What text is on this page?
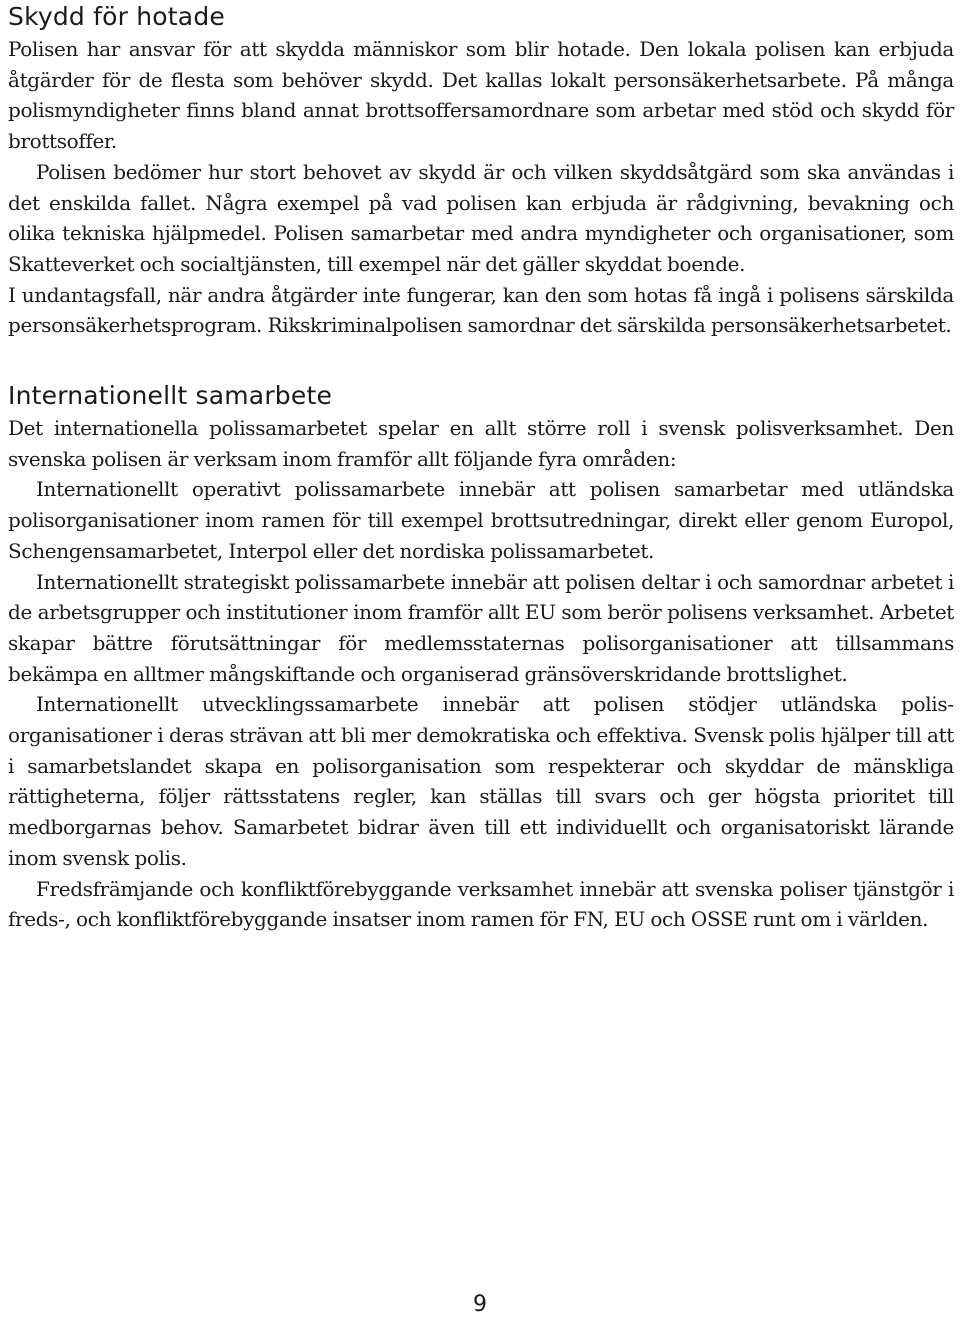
Skydd för hotade

Polisen har ansvar för att skydda människor som blir hotade. Den lokala polisen kan erbjuda åtgärder för de flesta som behöver skydd. Det kallas lokalt personsäkerhetsarbete. På många polismyndigheter finns bland annat brottsoffersamordnare som arbetar med stöd och skydd för brottsoffer.

Polisen bedömer hur stort behovet av skydd är och vilken skyddsåtgärd som ska användas i det enskilda fallet. Några exempel på vad polisen kan erbjuda är rådgivning, bevakning och olika tekniska hjälpmedel. Polisen samarbetar med andra myndigheter och organisationer, som Skatteverket och socialtjänsten, till exempel när det gäller skyddat boende.

I undantagsfall, när andra åtgärder inte fungerar, kan den som hotas få ingå i polisens särskilda personsäkerhetsprogram. Rikskriminalpolisen samordnar det särskilda personsäkerhetsarbetet.

Internationellt samarbete

Det internationella polissamarbetet spelar en allt större roll i svensk polisverksamhet. Den svenska polisen är verksam inom framför allt följande fyra områden:

Internationellt operativt polissamarbete innebär att polisen samarbetar med utländska polisorganisationer inom ramen för till exempel brottsutredningar, direkt eller genom Europol, Schengensamarbetet, Interpol eller det nordiska polissamarbetet.

Internationellt strategiskt polissamarbete innebär att polisen deltar i och samordnar arbetet i de arbetsgrupper och institutioner inom framför allt EU som berör polisens verksamhet. Arbetet skapar bättre förutsättningar för medlemsstaternas polisorganisationer att tillsammans bekämpa en alltmer mångskiftande och organiserad gränsöverskridande brottslighet.

Internationellt utvecklingssamarbete innebär att polisen stödjer utländska polisorganisationer i deras strävan att bli mer demokratiska och effektiva. Svensk polis hjälper till att i samarbetslandet skapa en polisorganisation som respekterar och skyddar de mänskliga rättigheterna, följer rättsstatens regler, kan ställas till svars och ger högsta prioritet till medborgarnas behov. Samarbetet bidrar även till ett individuellt och organisatoriskt lärande inom svensk polis.

Fredsfrämjande och konfliktförebyggande verksamhet innebär att svenska poliser tjänstgör i freds-, och konfliktförebyggande insatser inom ramen för FN, EU och OSSE runt om i världen.

9
